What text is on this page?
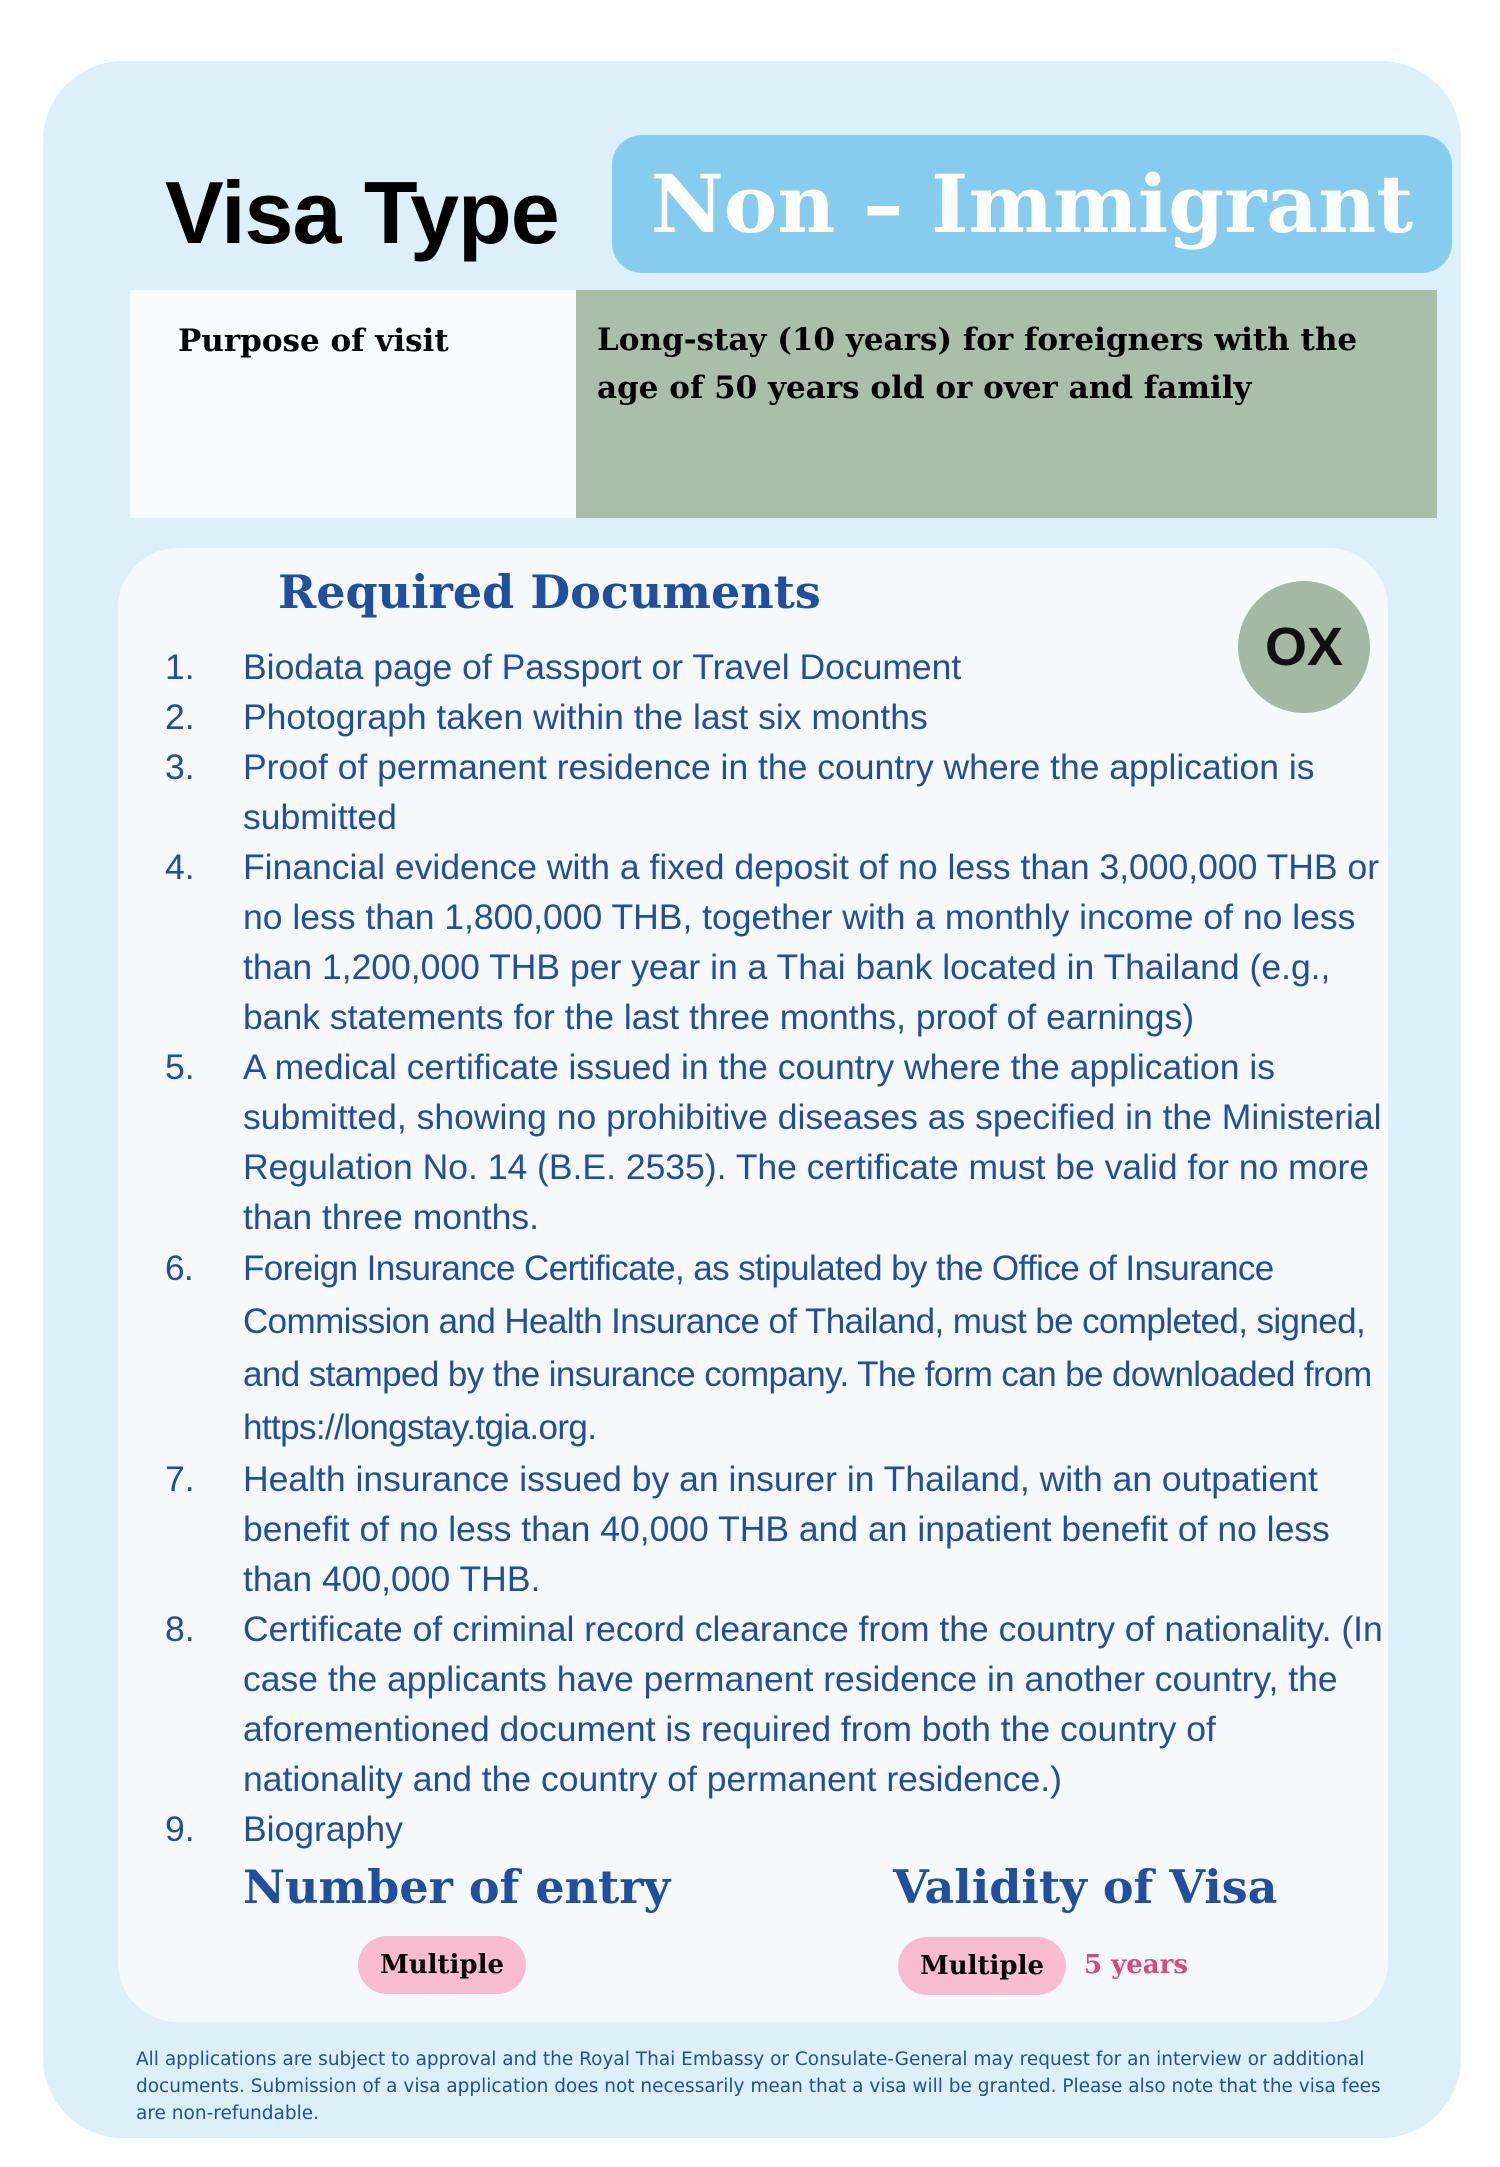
Visa Type	Non – Immigrant
Purpose of visit	Long-stay (10 years) for foreigners with the age of 50 years old or over and family
Required Documents
OX
1. Biodata page of Passport or Travel Document
2. Photograph taken within the last six months
3. Proof of permanent residence in the country where the application is submitted
4. Financial evidence with a fixed deposit of no less than 3,000,000 THB or no less than 1,800,000 THB, together with a monthly income of no less than 1,200,000 THB per year in a Thai bank located in Thailand (e.g., bank statements for the last three months, proof of earnings)
5. A medical certificate issued in the country where the application is submitted, showing no prohibitive diseases as specified in the Ministerial Regulation No. 14 (B.E. 2535). The certificate must be valid for no more than three months.
6. Foreign Insurance Certificate, as stipulated by the Office of Insurance Commission and Health Insurance of Thailand, must be completed, signed, and stamped by the insurance company. The form can be downloaded from https://longstay.tgia.org.
7. Health insurance issued by an insurer in Thailand, with an outpatient benefit of no less than 40,000 THB and an inpatient benefit of no less than 400,000 THB.
8. Certificate of criminal record clearance from the country of nationality. (In case the applicants have permanent residence in another country, the aforementioned document is required from both the country of nationality and the country of permanent residence.)
9. Biography
Number of entry
Multiple
Validity of Visa
Multiple	5 years
All applications are subject to approval and the Royal Thai Embassy or Consulate-General may request for an interview or additional documents. Submission of a visa application does not necessarily mean that a visa will be granted. Please also note that the visa fees are non-refundable.
